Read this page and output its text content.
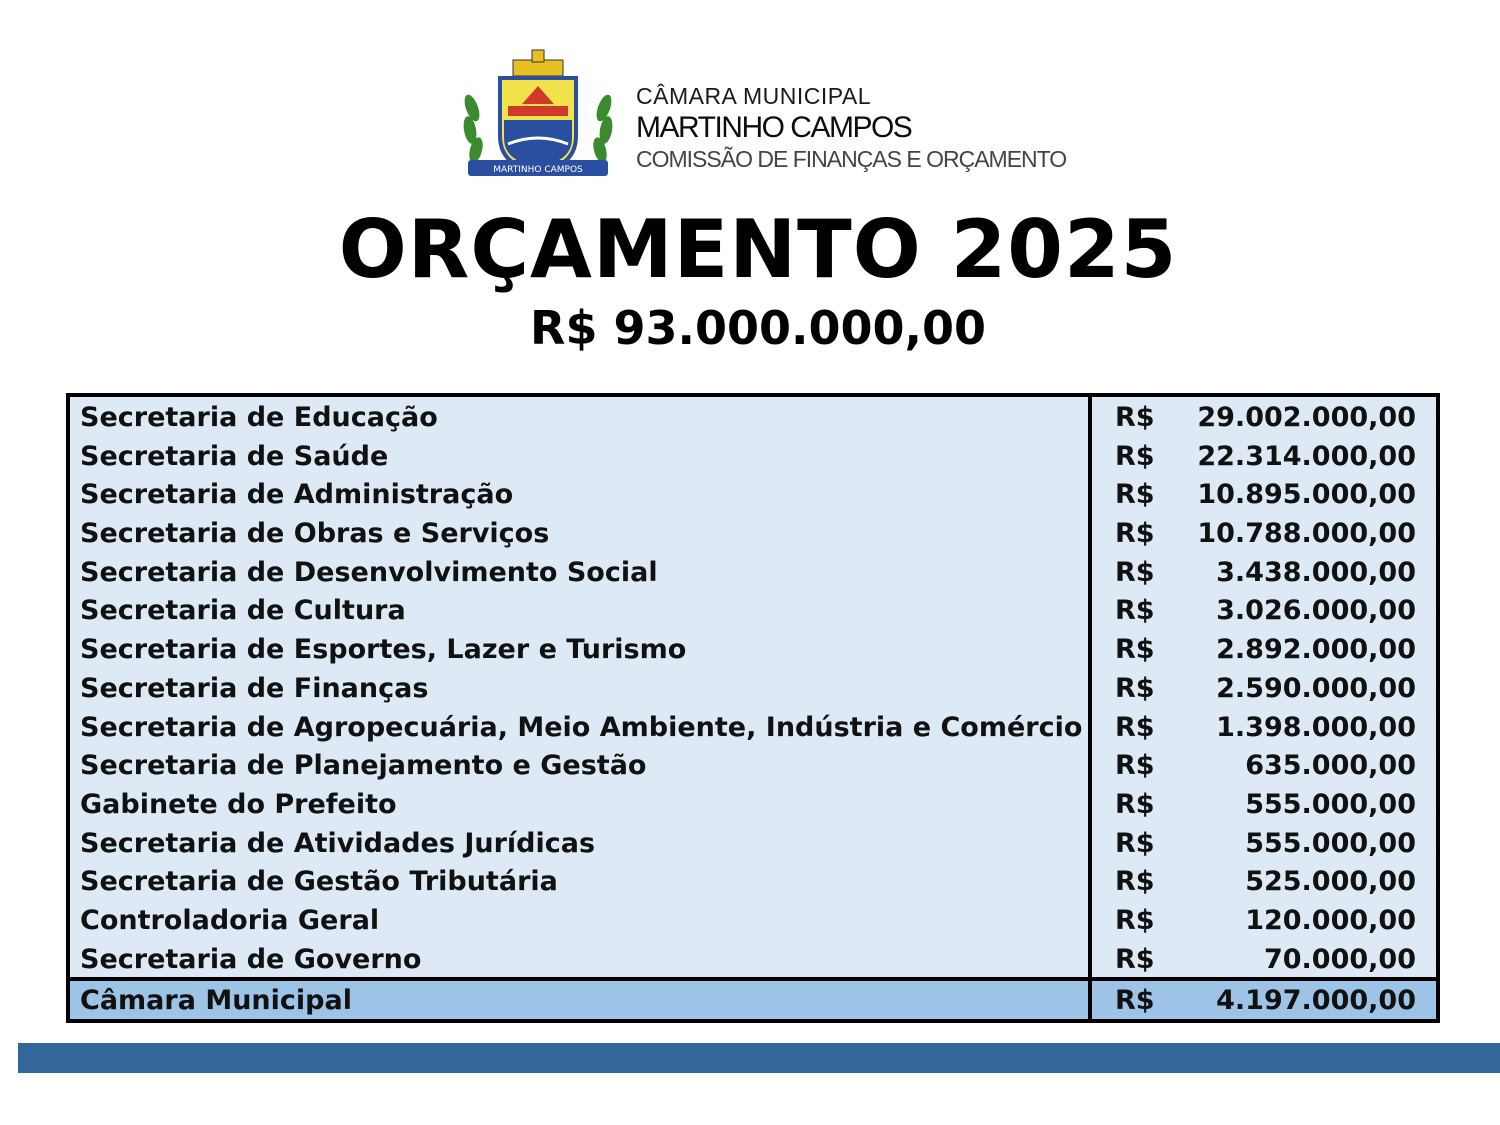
MARTINHO CAMPOS
CÂMARA MUNICIPAL
MARTINHO CAMPOS
COMISSÃO DE FINANÇAS E ORÇAMENTO
ORÇAMENTO 2025
R$ 93.000.000,00
Secretaria de Educação	R$ 29.002.000,00
Secretaria de Saúde	R$ 22.314.000,00
Secretaria de Administração	R$ 10.895.000,00
Secretaria de Obras e Serviços	R$ 10.788.000,00
Secretaria de Desenvolvimento Social	R$ 3.438.000,00
Secretaria de Cultura	R$ 3.026.000,00
Secretaria de Esportes, Lazer e Turismo	R$ 2.892.000,00
Secretaria de Finanças	R$ 2.590.000,00
Secretaria de Agropecuária, Meio Ambiente, Indústria e Comércio R$ 1.398.000,00
Secretaria de Planejamento e Gestão	R$	635.000,00
Gabinete do Prefeito	R$	555.000,00
Secretaria de Atividades Jurídicas	R$	555.000,00
Secretaria de Gestão Tributária	R$	525.000,00
Controladoria Geral	R$	120.000,00
Secretaria de Governo	R$	70.000,00
Câmara Municipal	R$ 4.197.000,00
